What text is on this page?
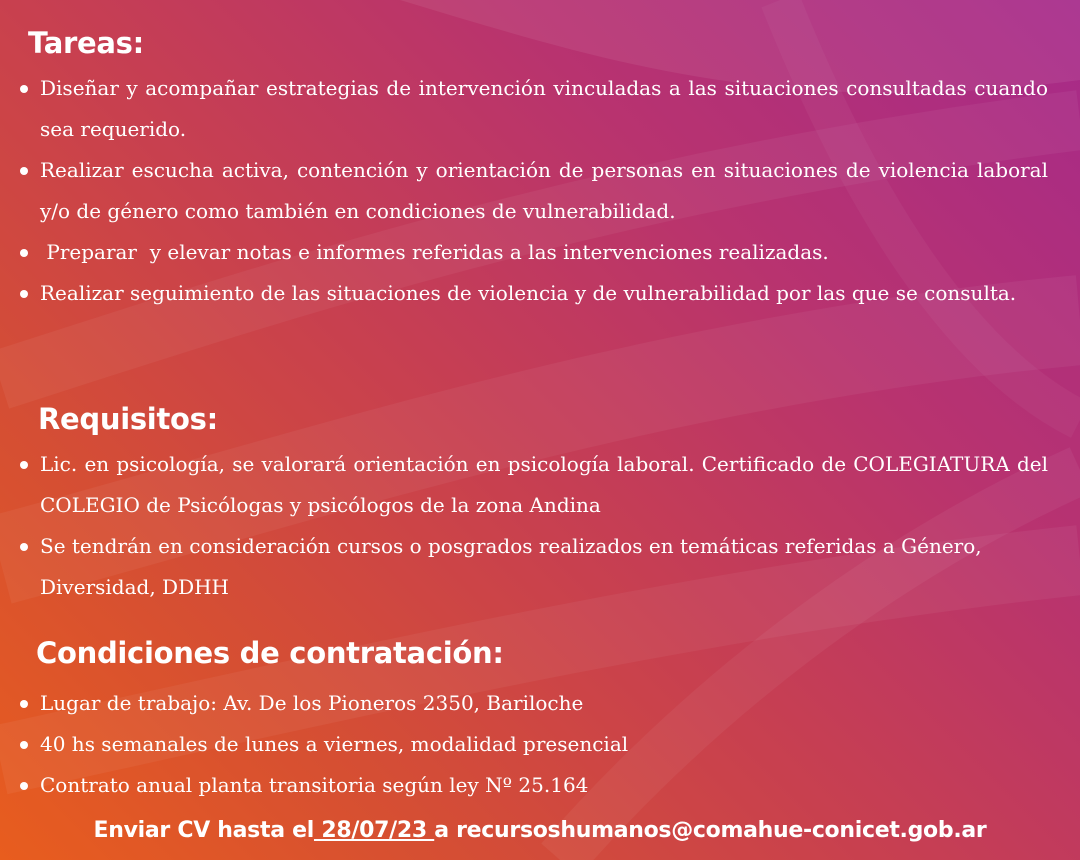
Tareas:
Diseñar y acompañar estrategias de intervención vinculadas a las situaciones consultadas cuando sea requerido.
Realizar escucha activa, contención y orientación de personas en situaciones de violencia laboral y/o de género como también en condiciones de vulnerabilidad.
Preparar  y elevar notas e informes referidas a las intervenciones realizadas.
Realizar seguimiento de las situaciones de violencia y de vulnerabilidad por las que se consulta.
Requisitos:
Lic. en psicología, se valorará orientación en psicología laboral. Certificado de COLEGIATURA del COLEGIO de Psicólogas y psicólogos de la zona Andina
Se tendrán en consideración cursos o posgrados realizados en temáticas referidas a Género, Diversidad, DDHH
Condiciones de contratación:
Lugar de trabajo: Av. De los Pioneros 2350, Bariloche
40 hs semanales de lunes a viernes, modalidad presencial
Contrato anual planta transitoria según ley Nº 25.164

Enviar CV hasta el 28/07/23 a recursoshumanos@comahue-conicet.gob.ar
